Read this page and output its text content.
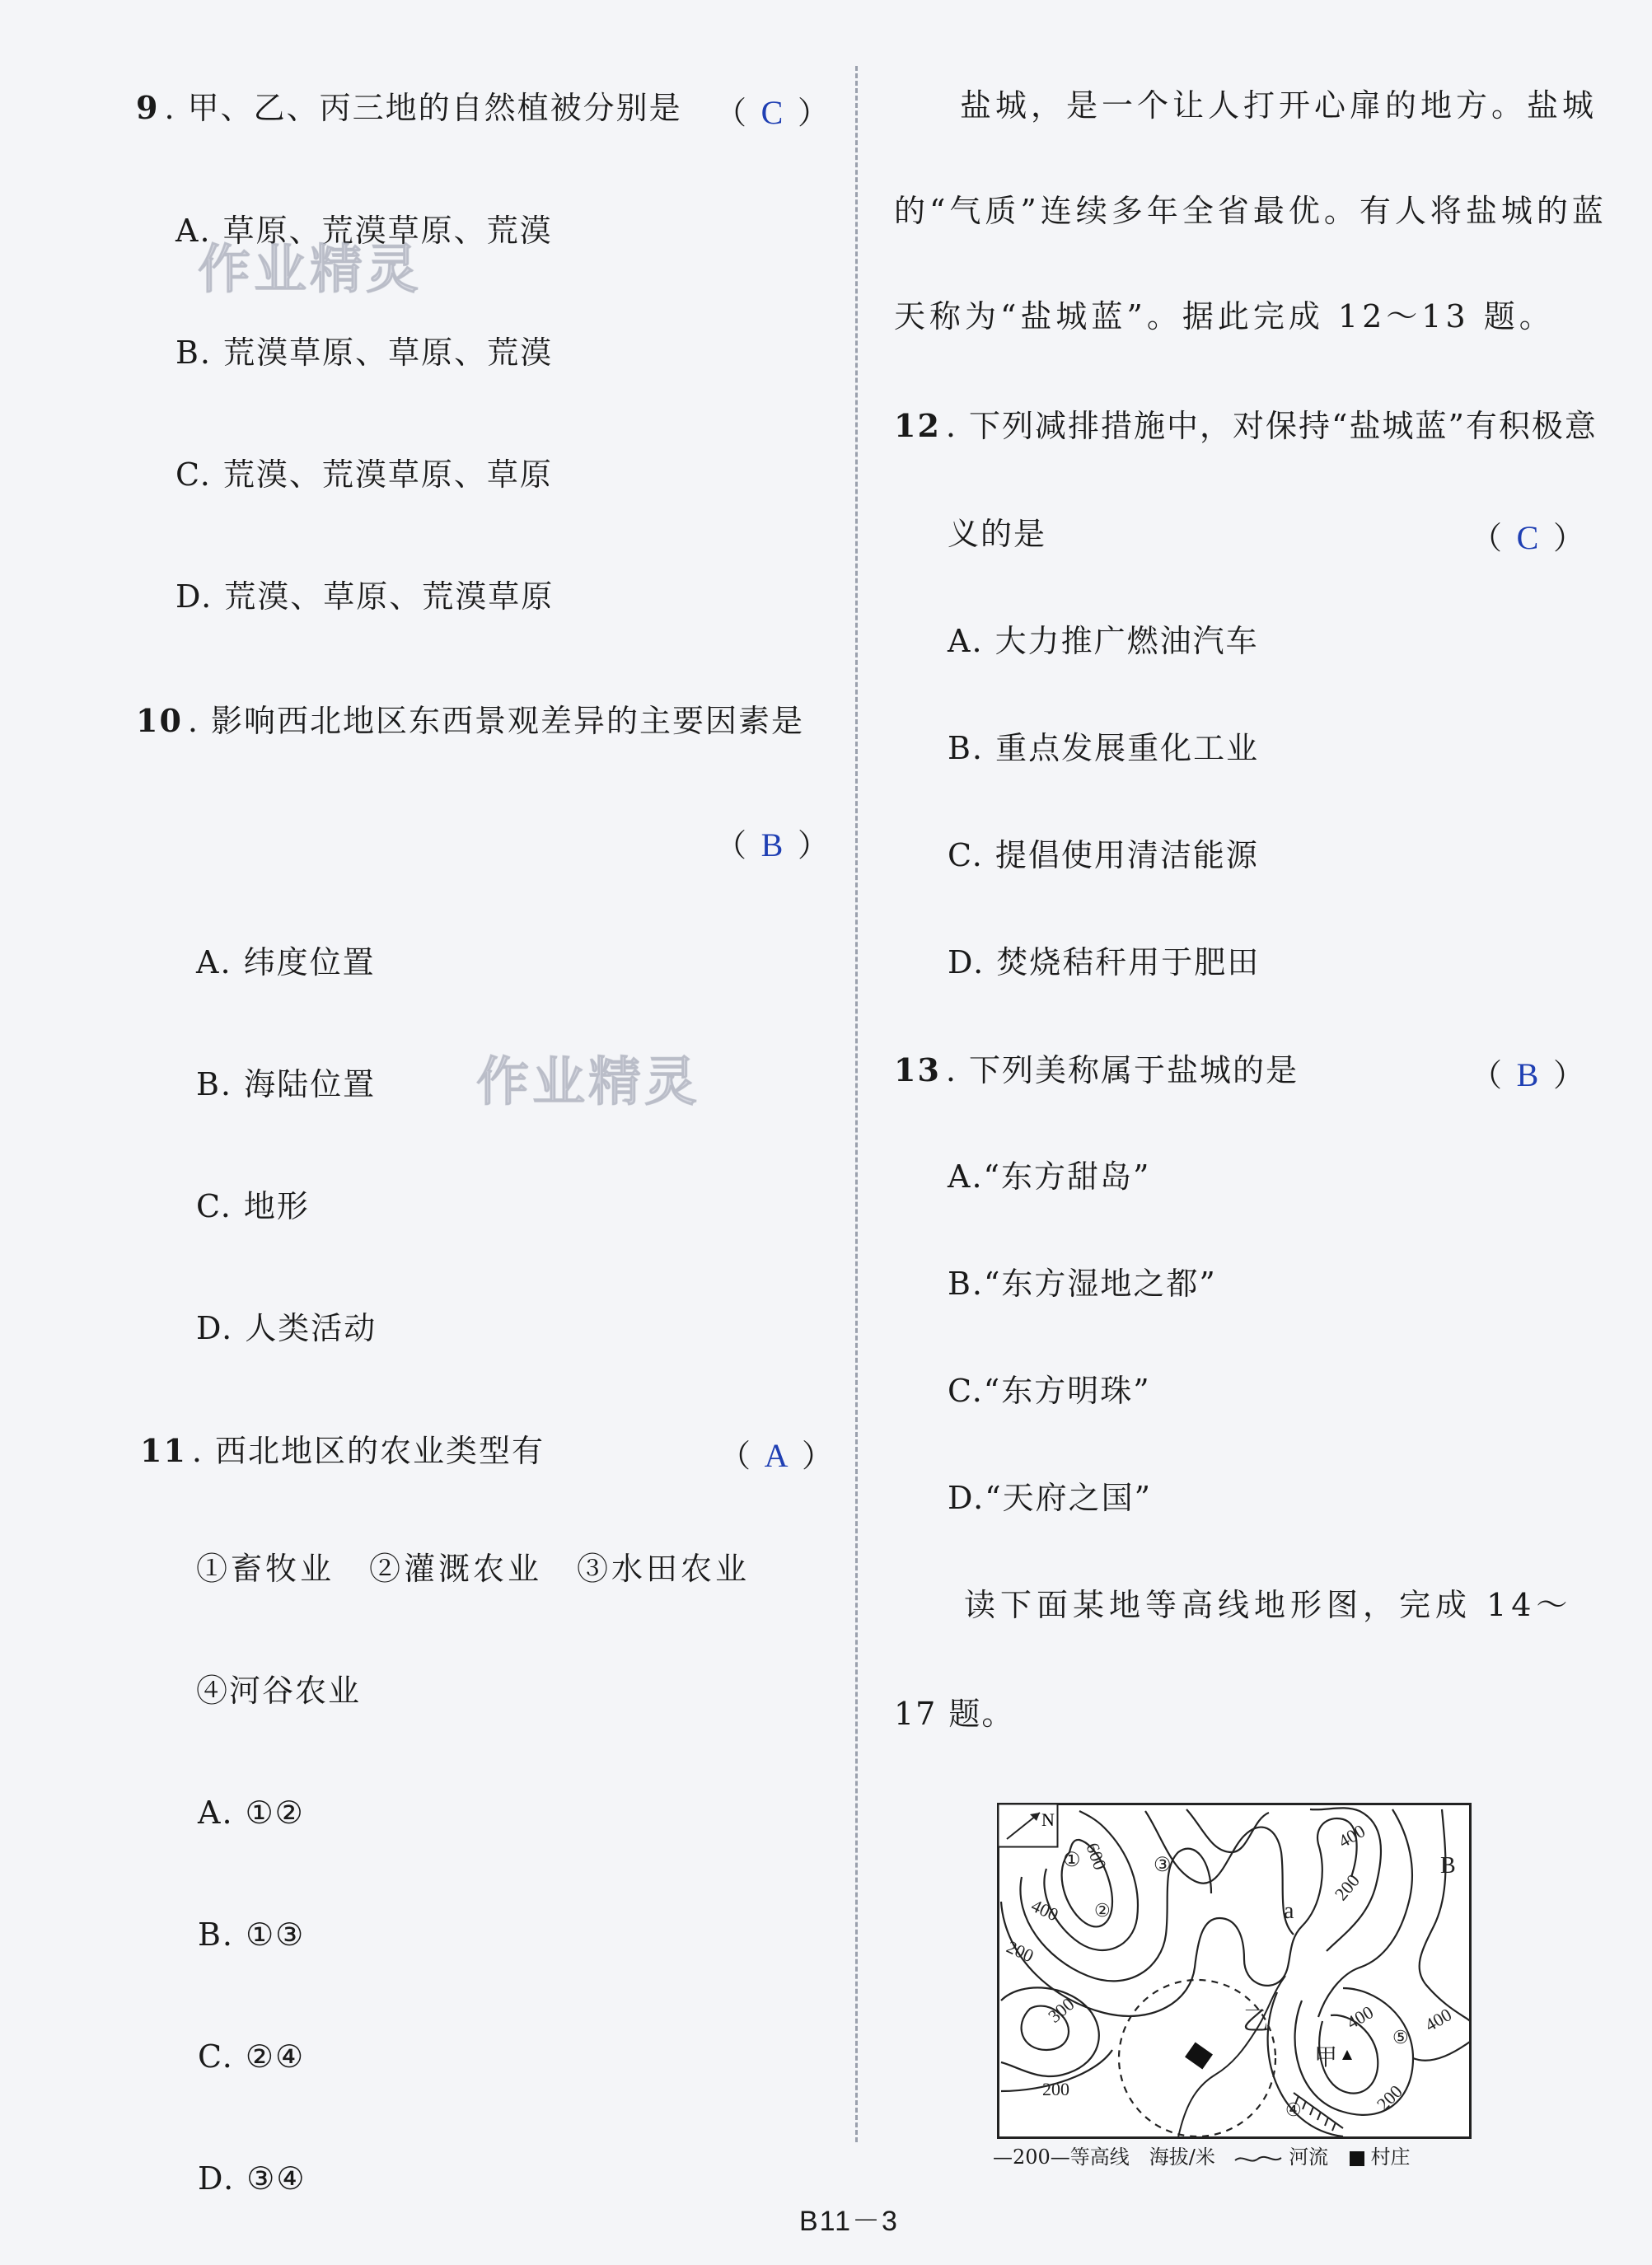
9 . 甲、乙、丙三地的自然植被分别是 （ C ）
A. 草原、荒漠草原、荒漠
B. 荒漠草原、草原、荒漠
C. 荒漠、荒漠草原、草原
D. 荒漠、草原、荒漠草原
10 . 影响西北地区东西景观差异的主要因素是
（ B ）
A. 纬度位置
B. 海陆位置
C. 地形
D. 人类活动
11 . 西北地区的农业类型有	（ A ）
①畜牧业　②灌溉农业　③水田农业
④河谷农业
A. ①②
B. ①③
C. ②④
D. ③④
盐城，是一个让人打开心扉的地方。盐城
的“气质”连续多年全省最优。有人将盐城的蓝
天称为“盐城蓝”。据此完成 12～13 题。
12 . 下列减排措施中，对保持“盐城蓝”有积极意
义的是	（ C ）
A. 大力推广燃油汽车
B. 重点发展重化工业
C. 提倡使用清洁能源
D. 焚烧秸秆用于肥田
13 . 下列美称属于盐城的是	（ B ）
A.“东方甜岛”
B.“东方湿地之都”
C.“东方明珠”
D.“天府之国”
读下面某地等高线地形图，完成 14～
17 题。
N
600
400
400
400 400
200
200
200	200
300
①
②
③
④
⑤
a
B
乙
甲
—200—等高线　海拔/米	河流 村庄
作业精灵
作业精灵
B11－3
